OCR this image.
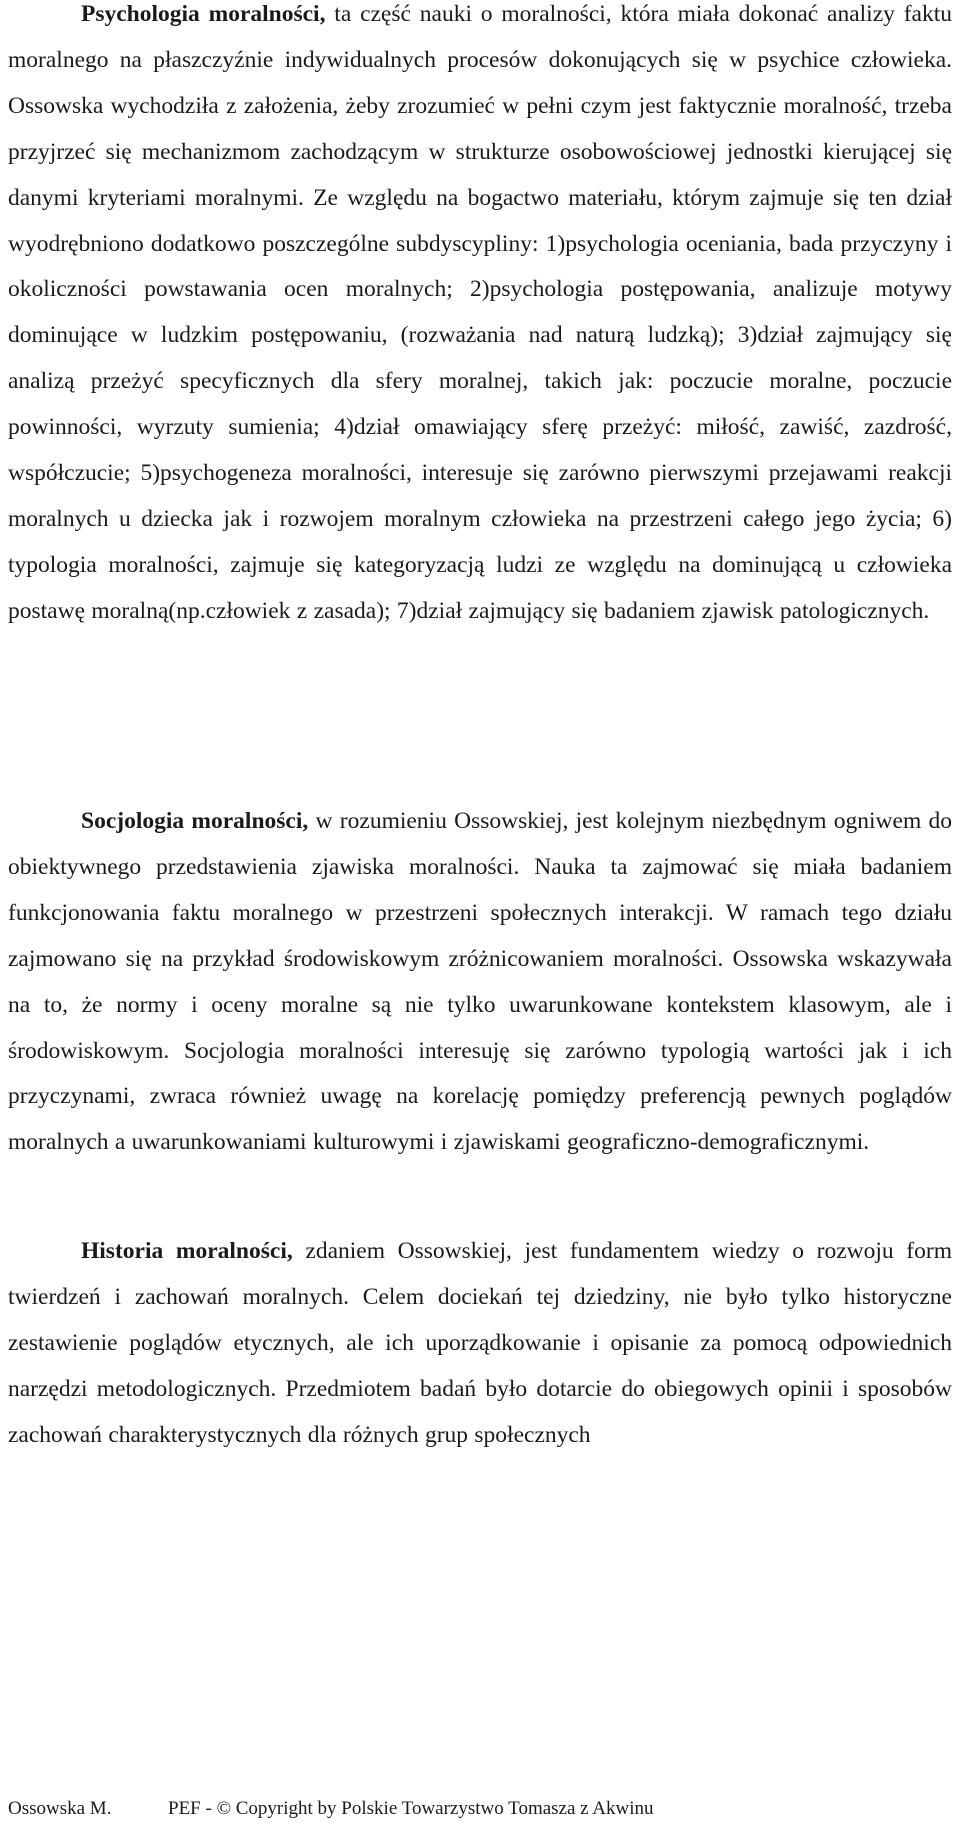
Psychologia moralności, ta część nauki o moralności, która miała dokonać analizy faktu moralnego na płaszczyźnie indywidualnych procesów dokonujących się w psychice człowieka. Ossowska wychodziła z założenia, żeby zrozumieć w pełni czym jest faktycznie moralność, trzeba przyjrzeć się mechanizmom zachodzącym w strukturze osobowościowej jednostki kierującej się danymi kryteriami moralnymi. Ze względu na bogactwo materiału, którym zajmuje się ten dział wyodrębniono dodatkowo poszczególne subdyscypliny: 1)psychologia oceniania, bada przyczyny i okoliczności powstawania ocen moralnych; 2)psychologia postępowania, analizuje motywy dominujące w ludzkim postępowaniu, (rozważania nad naturą ludzką); 3)dział zajmujący się analizą przeżyć specyficznych dla sfery moralnej, takich jak: poczucie moralne, poczucie powinności, wyrzuty sumienia; 4)dział omawiający sferę przeżyć: miłość, zawiść, zazdrość, współczucie; 5)psychogeneza moralności, interesuje się zarówno pierwszymi przejawami reakcji moralnych u dziecka jak i rozwojem moralnym człowieka na przestrzeni całego jego życia; 6) typologia moralności, zajmuje się kategoryzacją ludzi ze względu na dominującą u człowieka postawę moralną(np.człowiek z zasada); 7)dział zajmujący się badaniem zjawisk patologicznych.

Socjologia moralności, w rozumieniu Ossowskiej, jest kolejnym niezbędnym ogniwem do obiektywnego przedstawienia zjawiska moralności. Nauka ta zajmować się miała badaniem funkcjonowania faktu moralnego w przestrzeni społecznych interakcji. W ramach tego działu zajmowano się na przykład środowiskowym zróżnicowaniem moralności. Ossowska wskazywała na to, że normy i oceny moralne są nie tylko uwarunkowane kontekstem klasowym, ale i środowiskowym. Socjologia moralności interesuję się zarówno typologią wartości jak i ich przyczynami, zwraca również uwagę na korelację pomiędzy preferencją pewnych poglądów moralnych a uwarunkowaniami kulturowymi i zjawiskami geograficzno-demograficznymi.

Historia moralności, zdaniem Ossowskiej, jest fundamentem wiedzy o rozwoju form twierdzeń i zachowań moralnych. Celem dociekań tej dziedziny, nie było tylko historyczne zestawienie poglądów etycznych, ale ich uporządkowanie i opisanie za pomocą odpowiednich narzędzi metodologicznych. Przedmiotem badań było dotarcie do obiegowych opinii i sposobów zachowań charakterystycznych dla różnych grup społecznych

Ossowska M.	PEF - © Copyright by Polskie Towarzystwo Tomasza z Akwinu
